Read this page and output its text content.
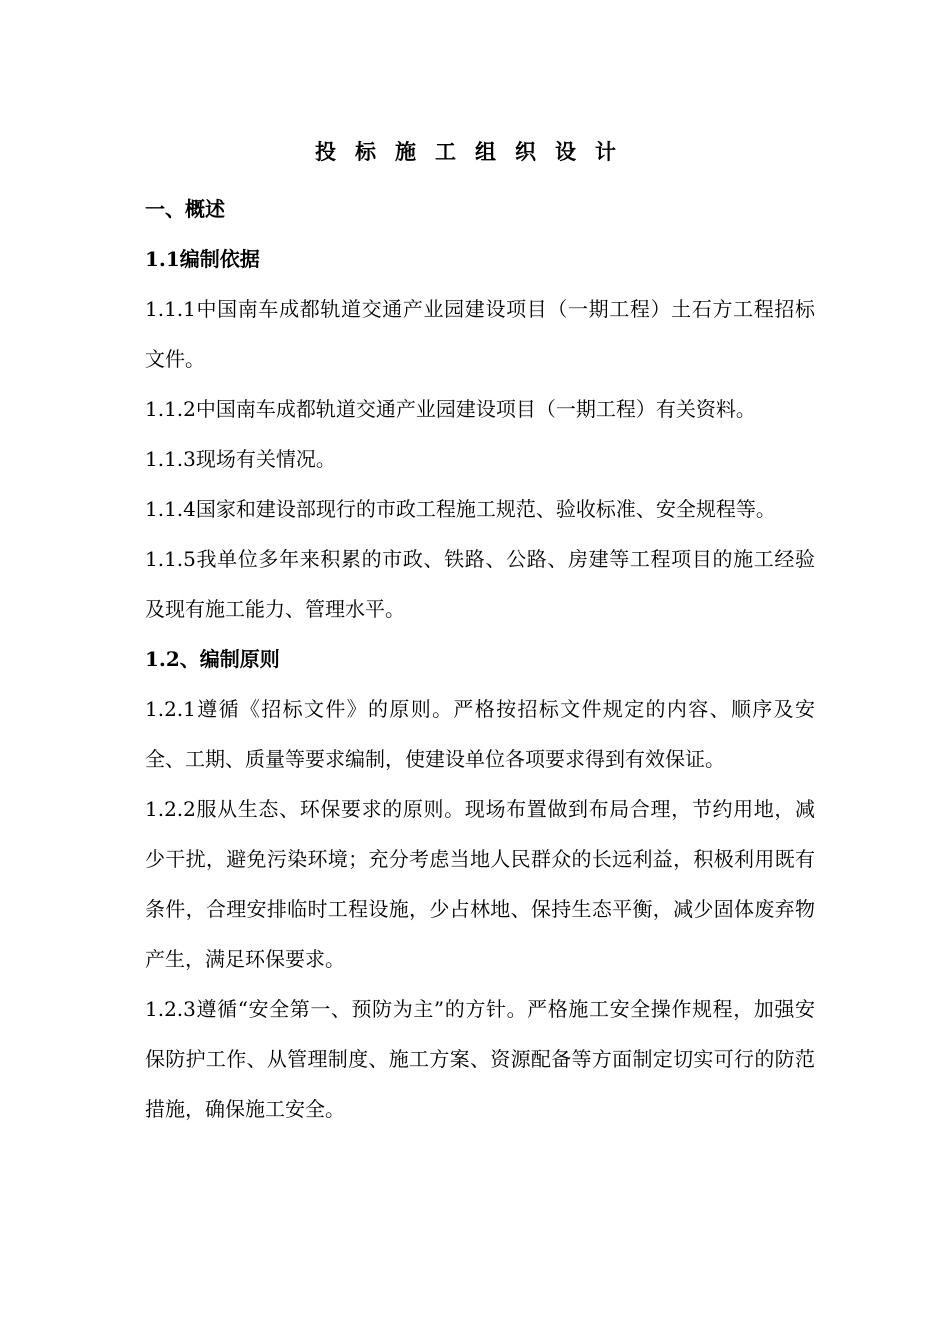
投标施工组织设计
一、概述
1.1编制依据
1.1.1中国南车成都轨道交通产业园建设项目（一期工程）土石方工程招标文件。
1.1.2中国南车成都轨道交通产业园建设项目（一期工程）有关资料。
1.1.3现场有关情况。
1.1.4国家和建设部现行的市政工程施工规范、验收标准、安全规程等。
1.1.5我单位多年来积累的市政、铁路、公路、房建等工程项目的施工经验及现有施工能力、管理水平。
1.2、编制原则
1.2.1遵循《招标文件》的原则。严格按招标文件规定的内容、顺序及安全、工期、质量等要求编制，使建设单位各项要求得到有效保证。
1.2.2服从生态、环保要求的原则。现场布置做到布局合理，节约用地，减少干扰，避免污染环境；充分考虑当地人民群众的长远利益，积极利用既有条件，合理安排临时工程设施，少占林地、保持生态平衡，减少固体废弃物产生，满足环保要求。
1.2.3遵循“安全第一、预防为主”的方针。严格施工安全操作规程，加强安保防护工作、从管理制度、施工方案、资源配备等方面制定切实可行的防范措施，确保施工安全。
